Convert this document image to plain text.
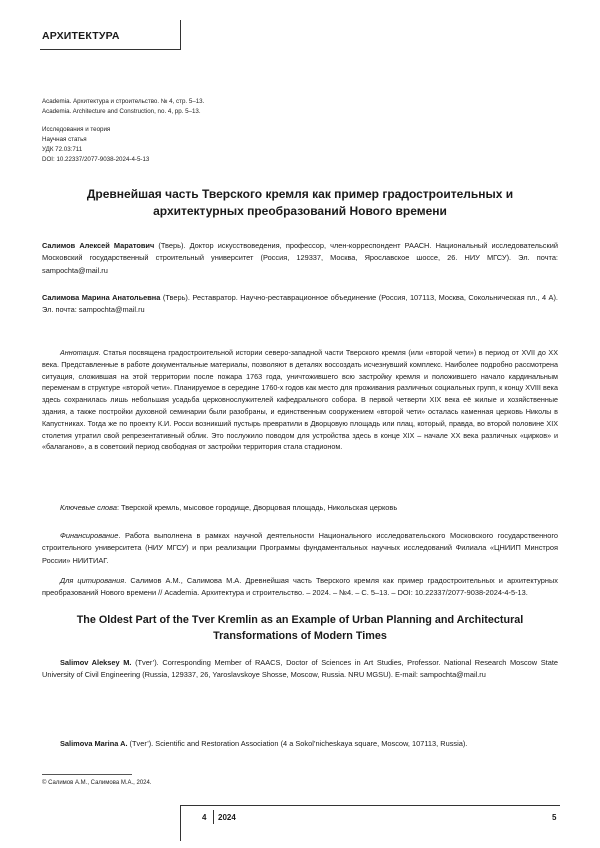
АРХИТЕКТУРА
Academia. Архитектура и строительство. № 4, стр. 5–13.
Academia. Architecture and Construction, no. 4, pp. 5–13.
Исследования и теория
Научная статья
УДК 72.03:711
DOI: 10.22337/2077-9038-2024-4-5-13
Древнейшая часть Тверского кремля как пример градостроительных и архитектурных преобразований Нового времени
Салимов Алексей Маратович (Тверь). Доктор искусствоведения, профессор, член-корреспондент РААСН. Национальный исследовательский Московский государственный строительный университет (Россия, 129337, Москва, Ярославское шоссе, 26. НИУ МГСУ). Эл. почта: sampochta@mail.ru
Салимова Марина Анатольевна (Тверь). Реставратор. Научно-реставрационное объединение (Россия, 107113, Москва, Сокольническая пл., 4 А). Эл. почта: sampochta@mail.ru
Аннотация. Статья посвящена градостроительной истории северо-западной части Тверского кремля (или «второй чети») в период от XVII до XX века. Представленные в работе документальные материалы, позволяют в деталях воссоздать исчезнувший комплекс. Наиболее подробно рассмотрена ситуация, сложившая на этой территории после пожара 1763 года, уничтожившего всю застройку кремля и положившего начало кардинальным переменам в структуре «второй чети». Планируемое в середине 1760-х годов как место для проживания различных социальных групп, к концу XVIII века здесь сохранилась лишь небольшая усадьба церковнослужителей кафедрального собора. В первой четверти XIX века её жилые и хозяйственные здания, а также постройки духовной семинарии были разобраны, и единственным сооружением «второй чети» осталась каменная церковь Николы в Капустниках. Тогда же по проекту К.И. Росси возникший пустырь превратили в Дворцовую площадь или плац, который, правда, во второй половине XIX столетия утратил свой репрезентативный облик. Это послужило поводом для устройства здесь в конце XIX – начале XX века различных «цирков» и «балаганов», а в советский период свободная от застройки территория стала стадионом.
Ключевые слова: Тверской кремль, мысовое городище, Дворцовая площадь, Никольская церковь
Финансирование. Работа выполнена в рамках научной деятельности Национального исследовательского Московского государственного строительного университета (НИУ МГСУ) и при реализации Программы фундаментальных научных исследований Филиала «ЦНИИП Минстроя России» НИИТИАГ.
Для цитирования. Салимов А.М., Салимова М.А. Древнейшая часть Тверского кремля как пример градостроительных и архитектурных преобразований Нового времени // Academia. Архитектура и строительство. – 2024. – №4. – С. 5–13. – DOI: 10.22337/2077-9038-2024-4-5-13.
The Oldest Part of the Tver Kremlin as an Example of Urban Planning and Architectural Transformations of Modern Times
Salimov Aleksey M. (Tver’). Corresponding Member of RAACS, Doctor of Sciences in Art Studies, Professor. National Research Moscow State University of Civil Engineering (Russia, 129337, 26, Yaroslavskoye Shosse, Moscow, Russia. NRU MGSU). E-mail: sampochta@mail.ru
Salimova Marina A. (Tver’). Scientific and Restoration Association (4 a Sokol’nicheskaya square, Moscow, 107113, Russia).
© Салимов А.М., Салимова М.А., 2024.
4 2024	5
